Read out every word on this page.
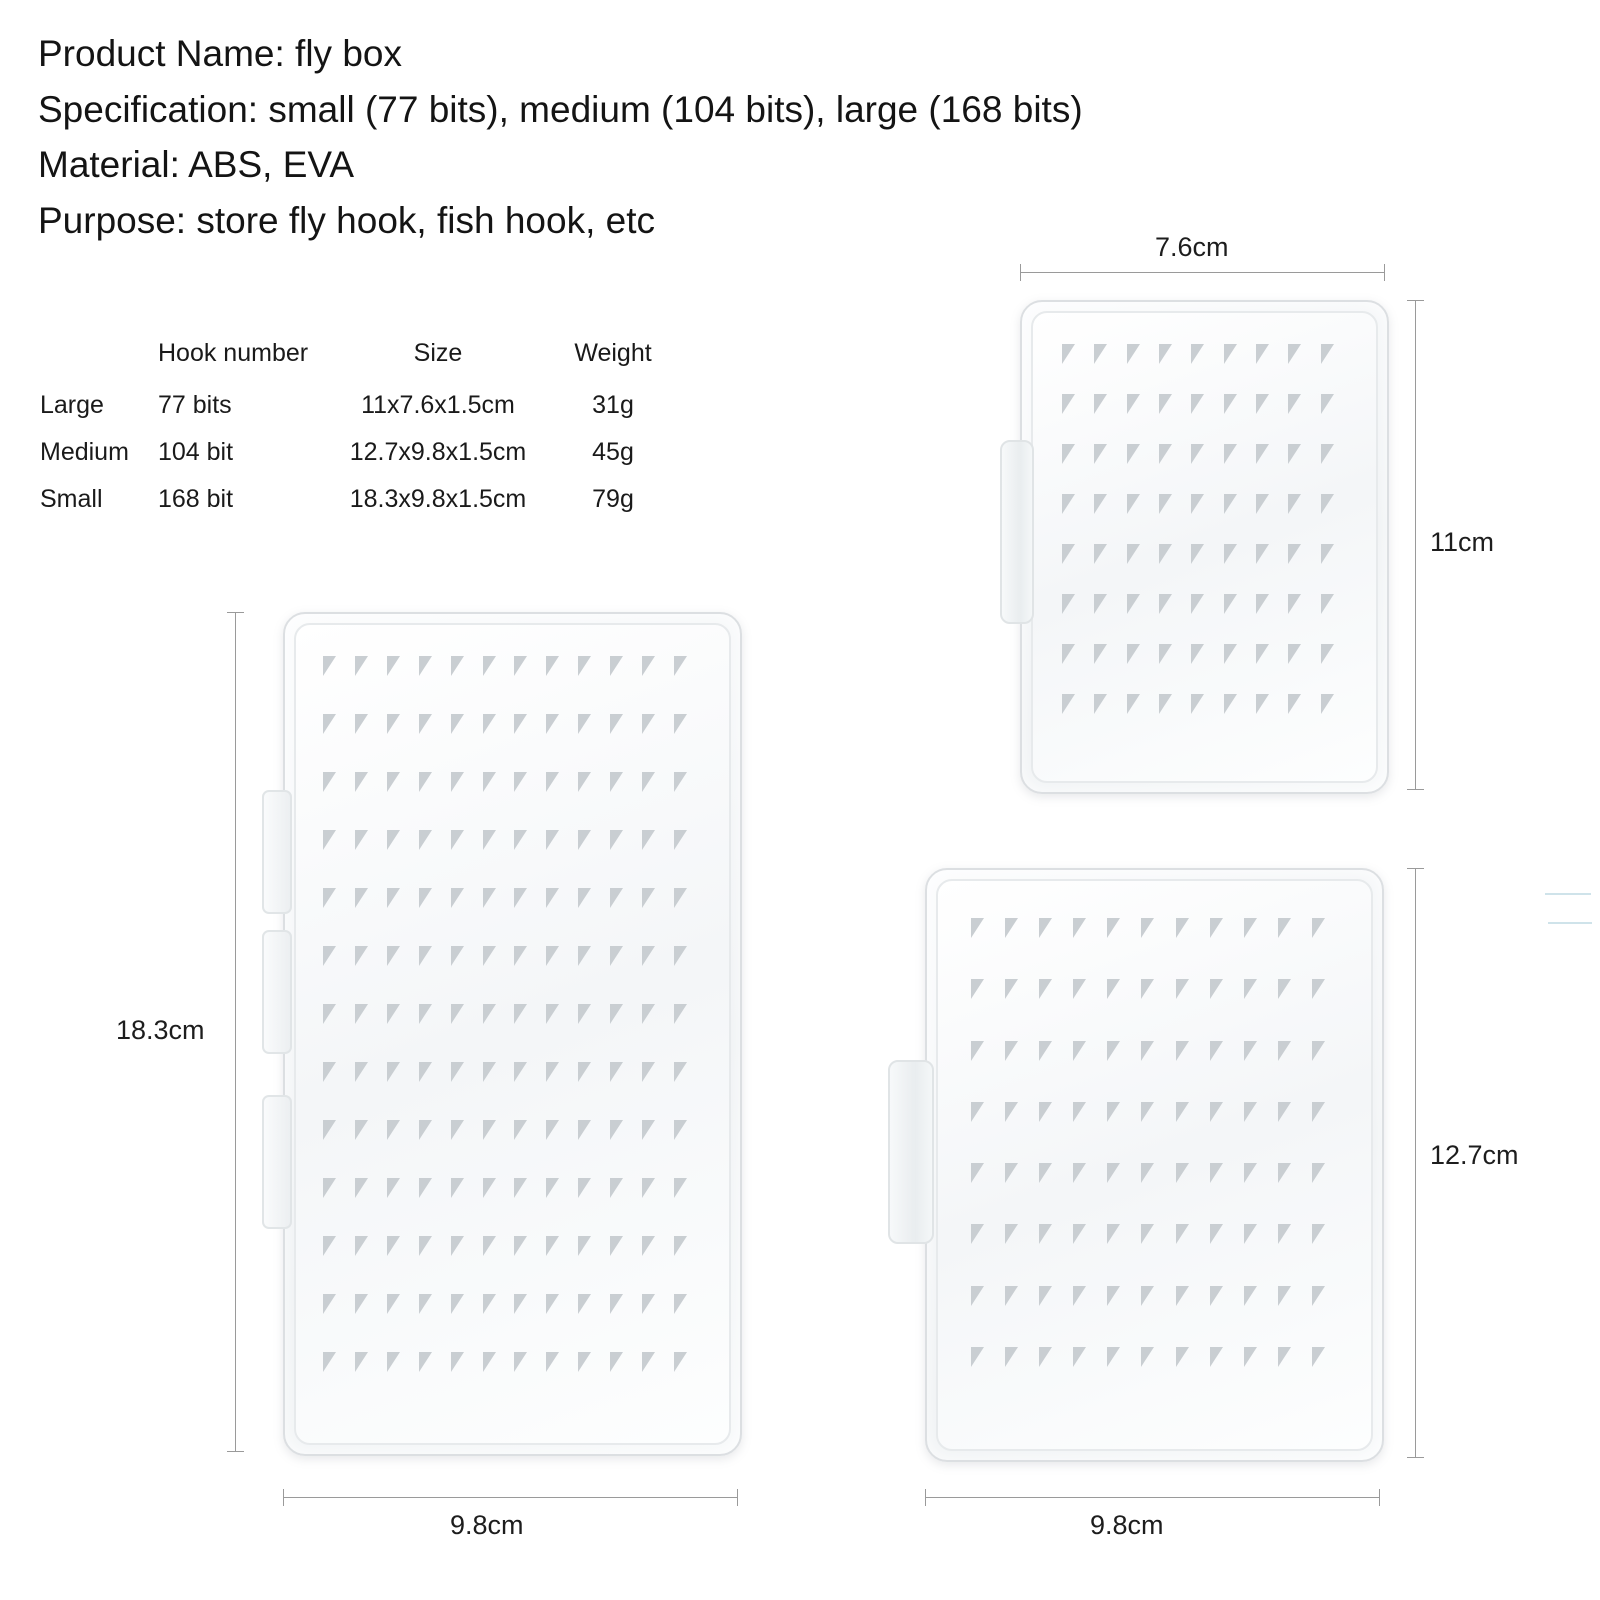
Product Name: fly box
Specification: small (77 bits), medium (104 bits), large (168 bits)
Material: ABS, EVA
Purpose: store fly hook, fish hook, etc
	Hook number	Size	Weight
Large	77 bits	11x7.6x1.5cm	31g
Medium	104 bit	12.7x9.8x1.5cm	45g
Small	168 bit	18.3x9.8x1.5cm	79g
7.6cm
11cm
12.7cm
9.8cm
18.3cm
9.8cm
